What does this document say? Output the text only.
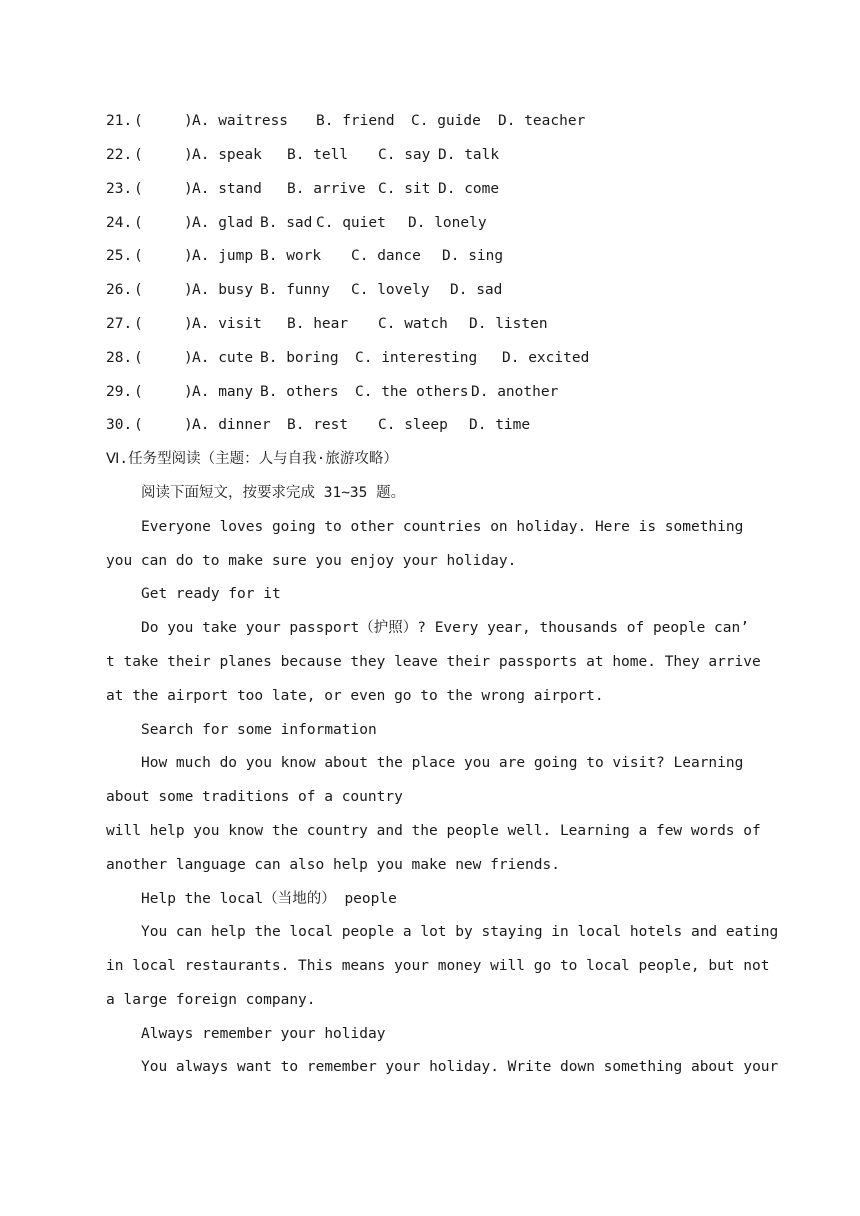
21. (	)A. waitress B. friend C. guide D. teacher
22. (	)A. speak B. tell C. say D. talk
23. (	)A. stand B. arrive C. sit D. come
24. (	)A. glad B. sad C. quiet D. lonely
25. (	)A. jump B. work C. dance D. sing
26. (	)A. busy B. funny C. lovely D. sad
27. (	)A. visit B. hear C. watch D. listen
28. (	)A. cute B. boring C. interesting D. excited
29. (	)A. many B. others C. the others D. another
30. (	)A. dinner B. rest C. sleep D. time
Ⅵ.任务型阅读（主题：人与自我·旅游攻略）
阅读下面短文，按要求完成 31~35 题。
Everyone loves going to other countries on holiday. Here is something
you can do to make sure you enjoy your holiday.
Get ready for it
Do you take your passport（护照）? Every year, thousands of people can’
t take their planes because they leave their passports at home. They arrive
at the airport too late, or even go to the wrong airport.
Search for some information
How much do you know about the place you are going to visit? Learning
about some traditions of a country
will help you know the country and the people well. Learning a few words of
another language can also help you make new friends.
Help the local（当地的） people
You can help the local people a lot by staying in local hotels and eating
in local restaurants. This means your money will go to local people, but not
a large foreign company.
Always remember your holiday
You always want to remember your holiday. Write down something about your
